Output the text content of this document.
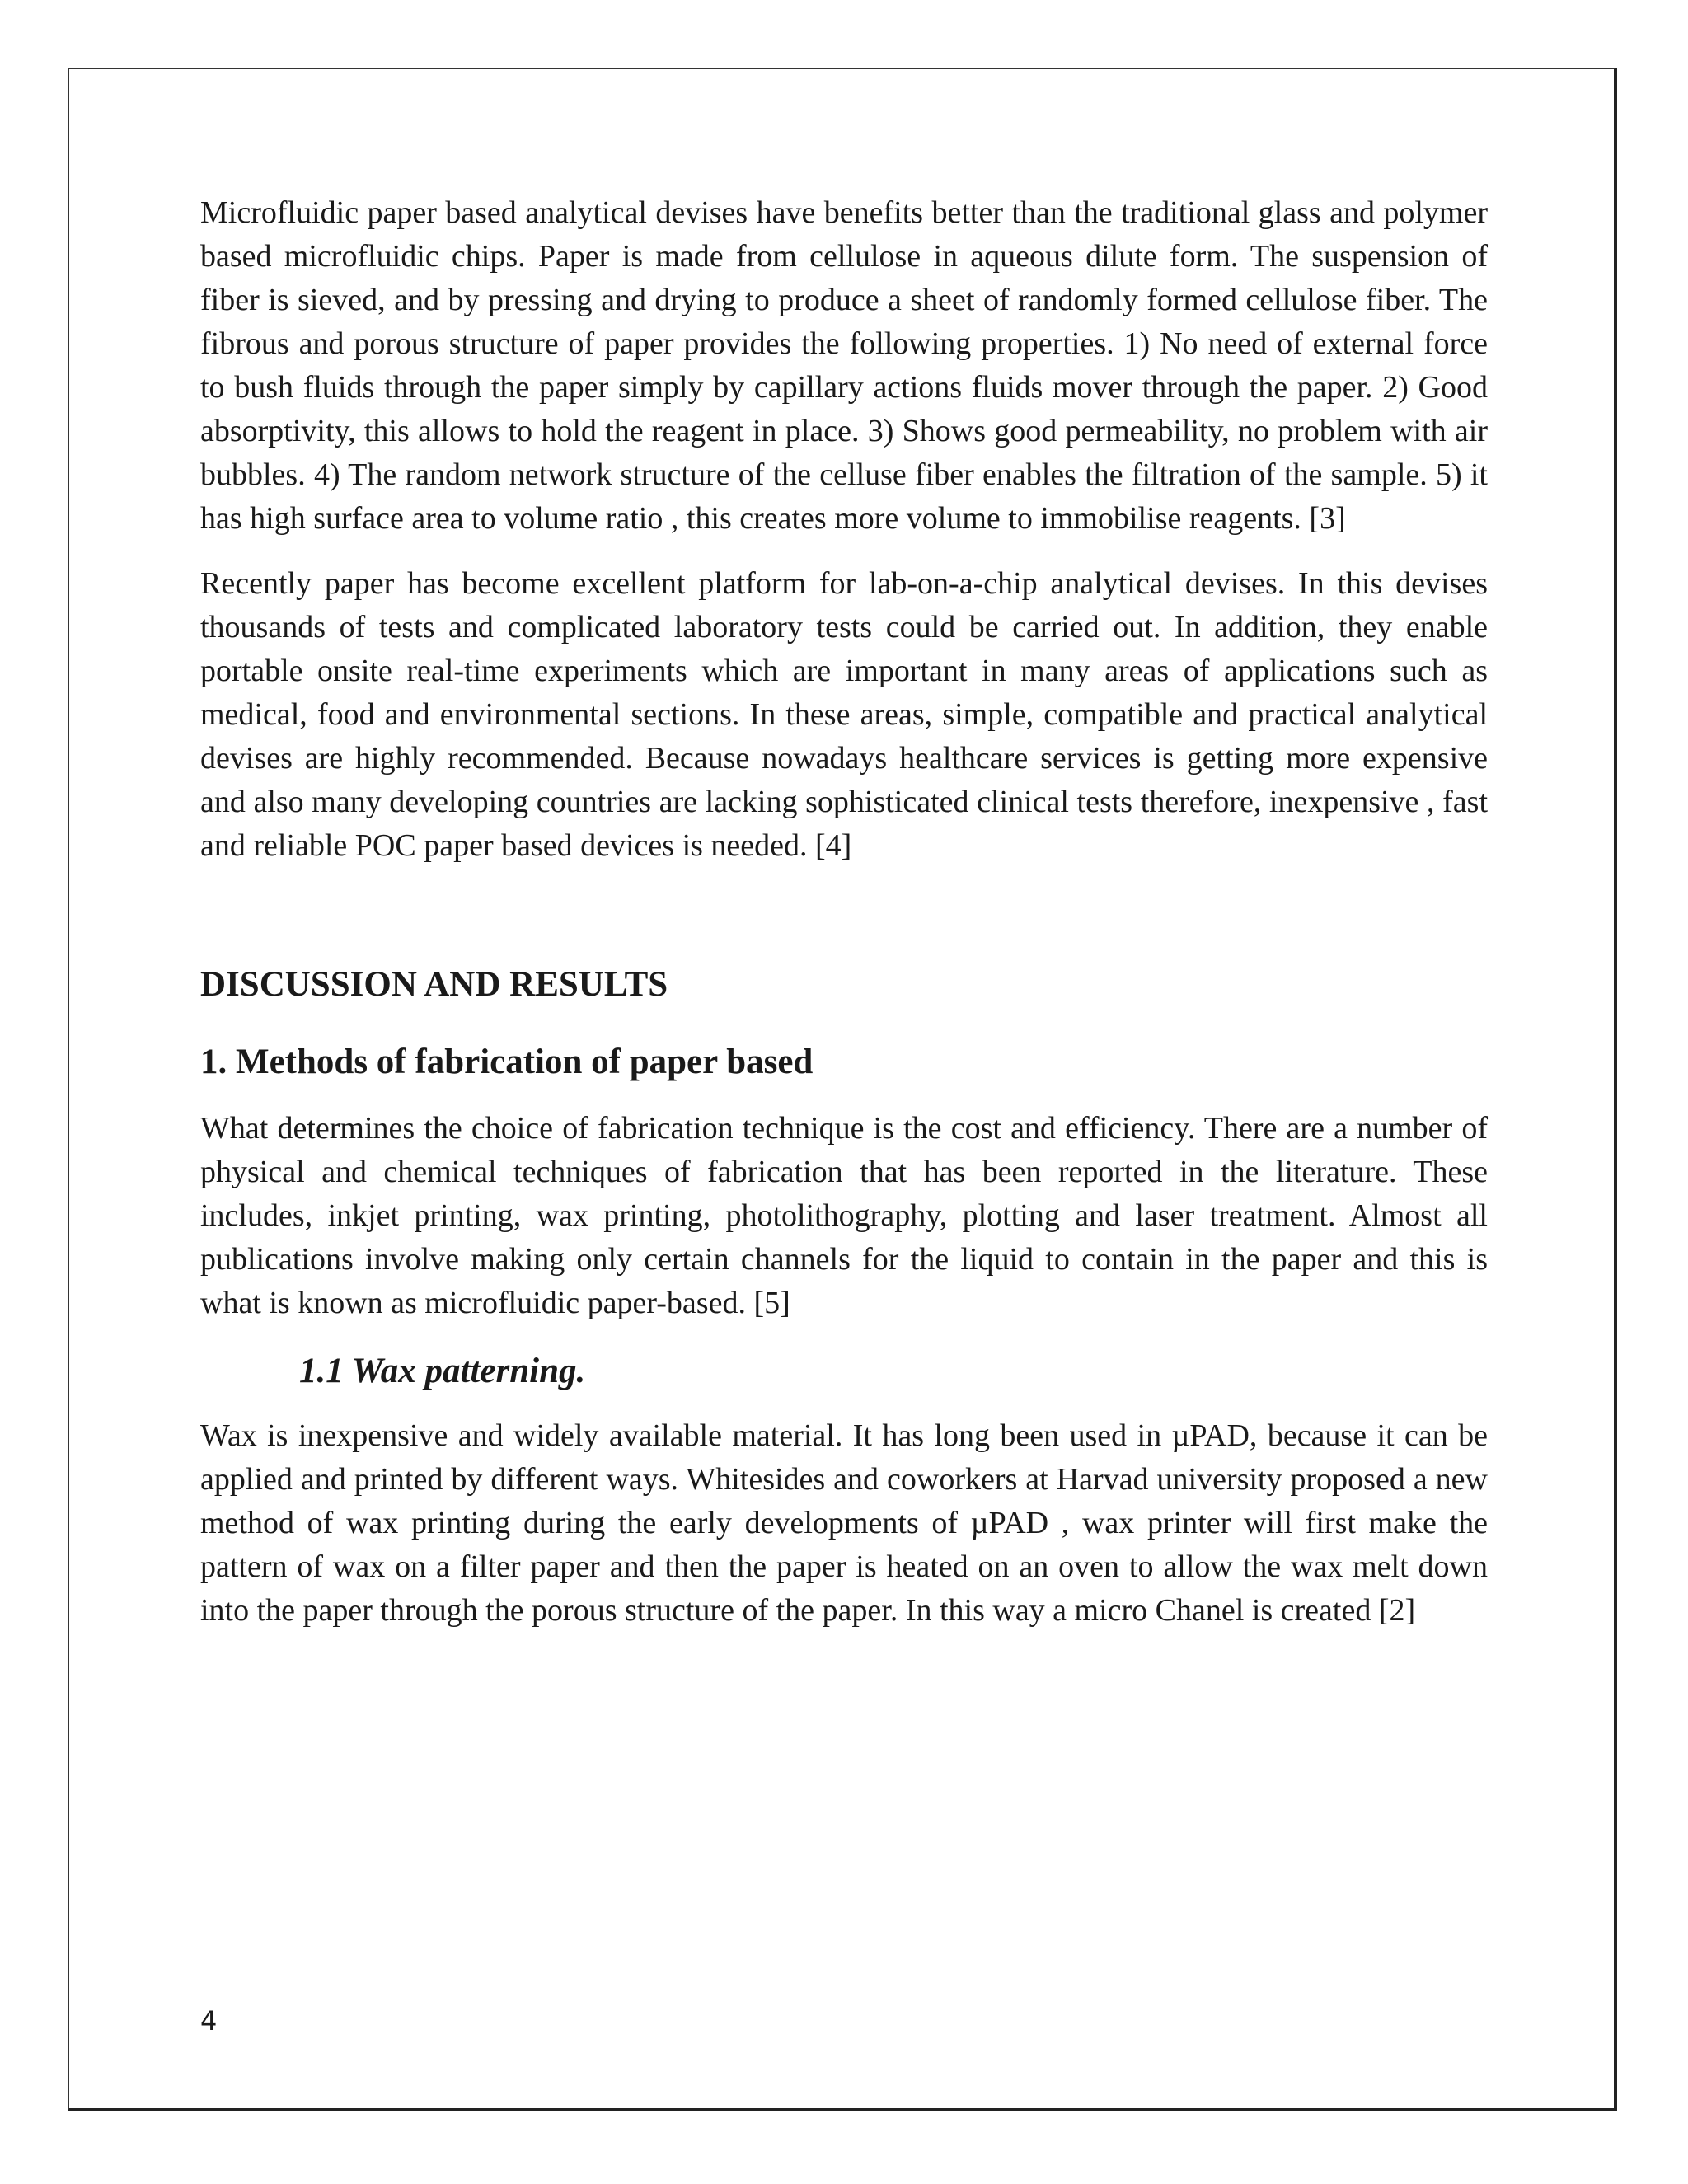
Microfluidic paper based analytical devises have benefits better than the traditional glass and polymer based microfluidic chips. Paper is made from cellulose in aqueous dilute form. The suspension of fiber is sieved, and by pressing and drying to produce a sheet of randomly formed cellulose fiber. The fibrous and porous structure of paper provides the following properties. 1) No need of external force to bush fluids through the paper simply by capillary actions fluids mover through the paper. 2) Good absorptivity, this allows to hold the reagent in place. 3) Shows good permeability, no problem with air bubbles. 4) The random network structure of the celluse fiber enables the filtration of the sample. 5) it has high surface area to volume ratio , this creates more volume to immobilise reagents. [3]

Recently paper has become excellent platform for lab-on-a-chip analytical devises. In this devises thousands of tests and complicated laboratory tests could be carried out. In addition, they enable portable onsite real-time experiments which are important in many areas of applications such as medical, food and environmental sections. In these areas, simple, compatible and practical analytical devises are highly recommended. Because nowadays healthcare services is getting more expensive and also many developing countries are lacking sophisticated clinical tests therefore, inexpensive , fast and reliable POC paper based devices is needed. [4]

DISCUSSION AND RESULTS
1. Methods of fabrication of paper based

What determines the choice of fabrication technique is the cost and efficiency. There are a number of physical and chemical techniques of fabrication that has been reported in the literature. These includes, inkjet printing, wax printing, photolithography, plotting and laser treatment. Almost all publications involve making only certain channels for the liquid to contain in the paper and this is what is known as microfluidic paper-based. [5]

1.1 Wax patterning.

Wax is inexpensive and widely available material. It has long been used in µPAD, because it can be applied and printed by different ways. Whitesides and coworkers at Harvad university proposed a new method of wax printing during the early developments of µPAD , wax printer will first make the pattern of wax on a filter paper and then the paper is heated on an oven to allow the wax melt down into the paper through the porous structure of the paper. In this way a micro Chanel is created [2]

4
